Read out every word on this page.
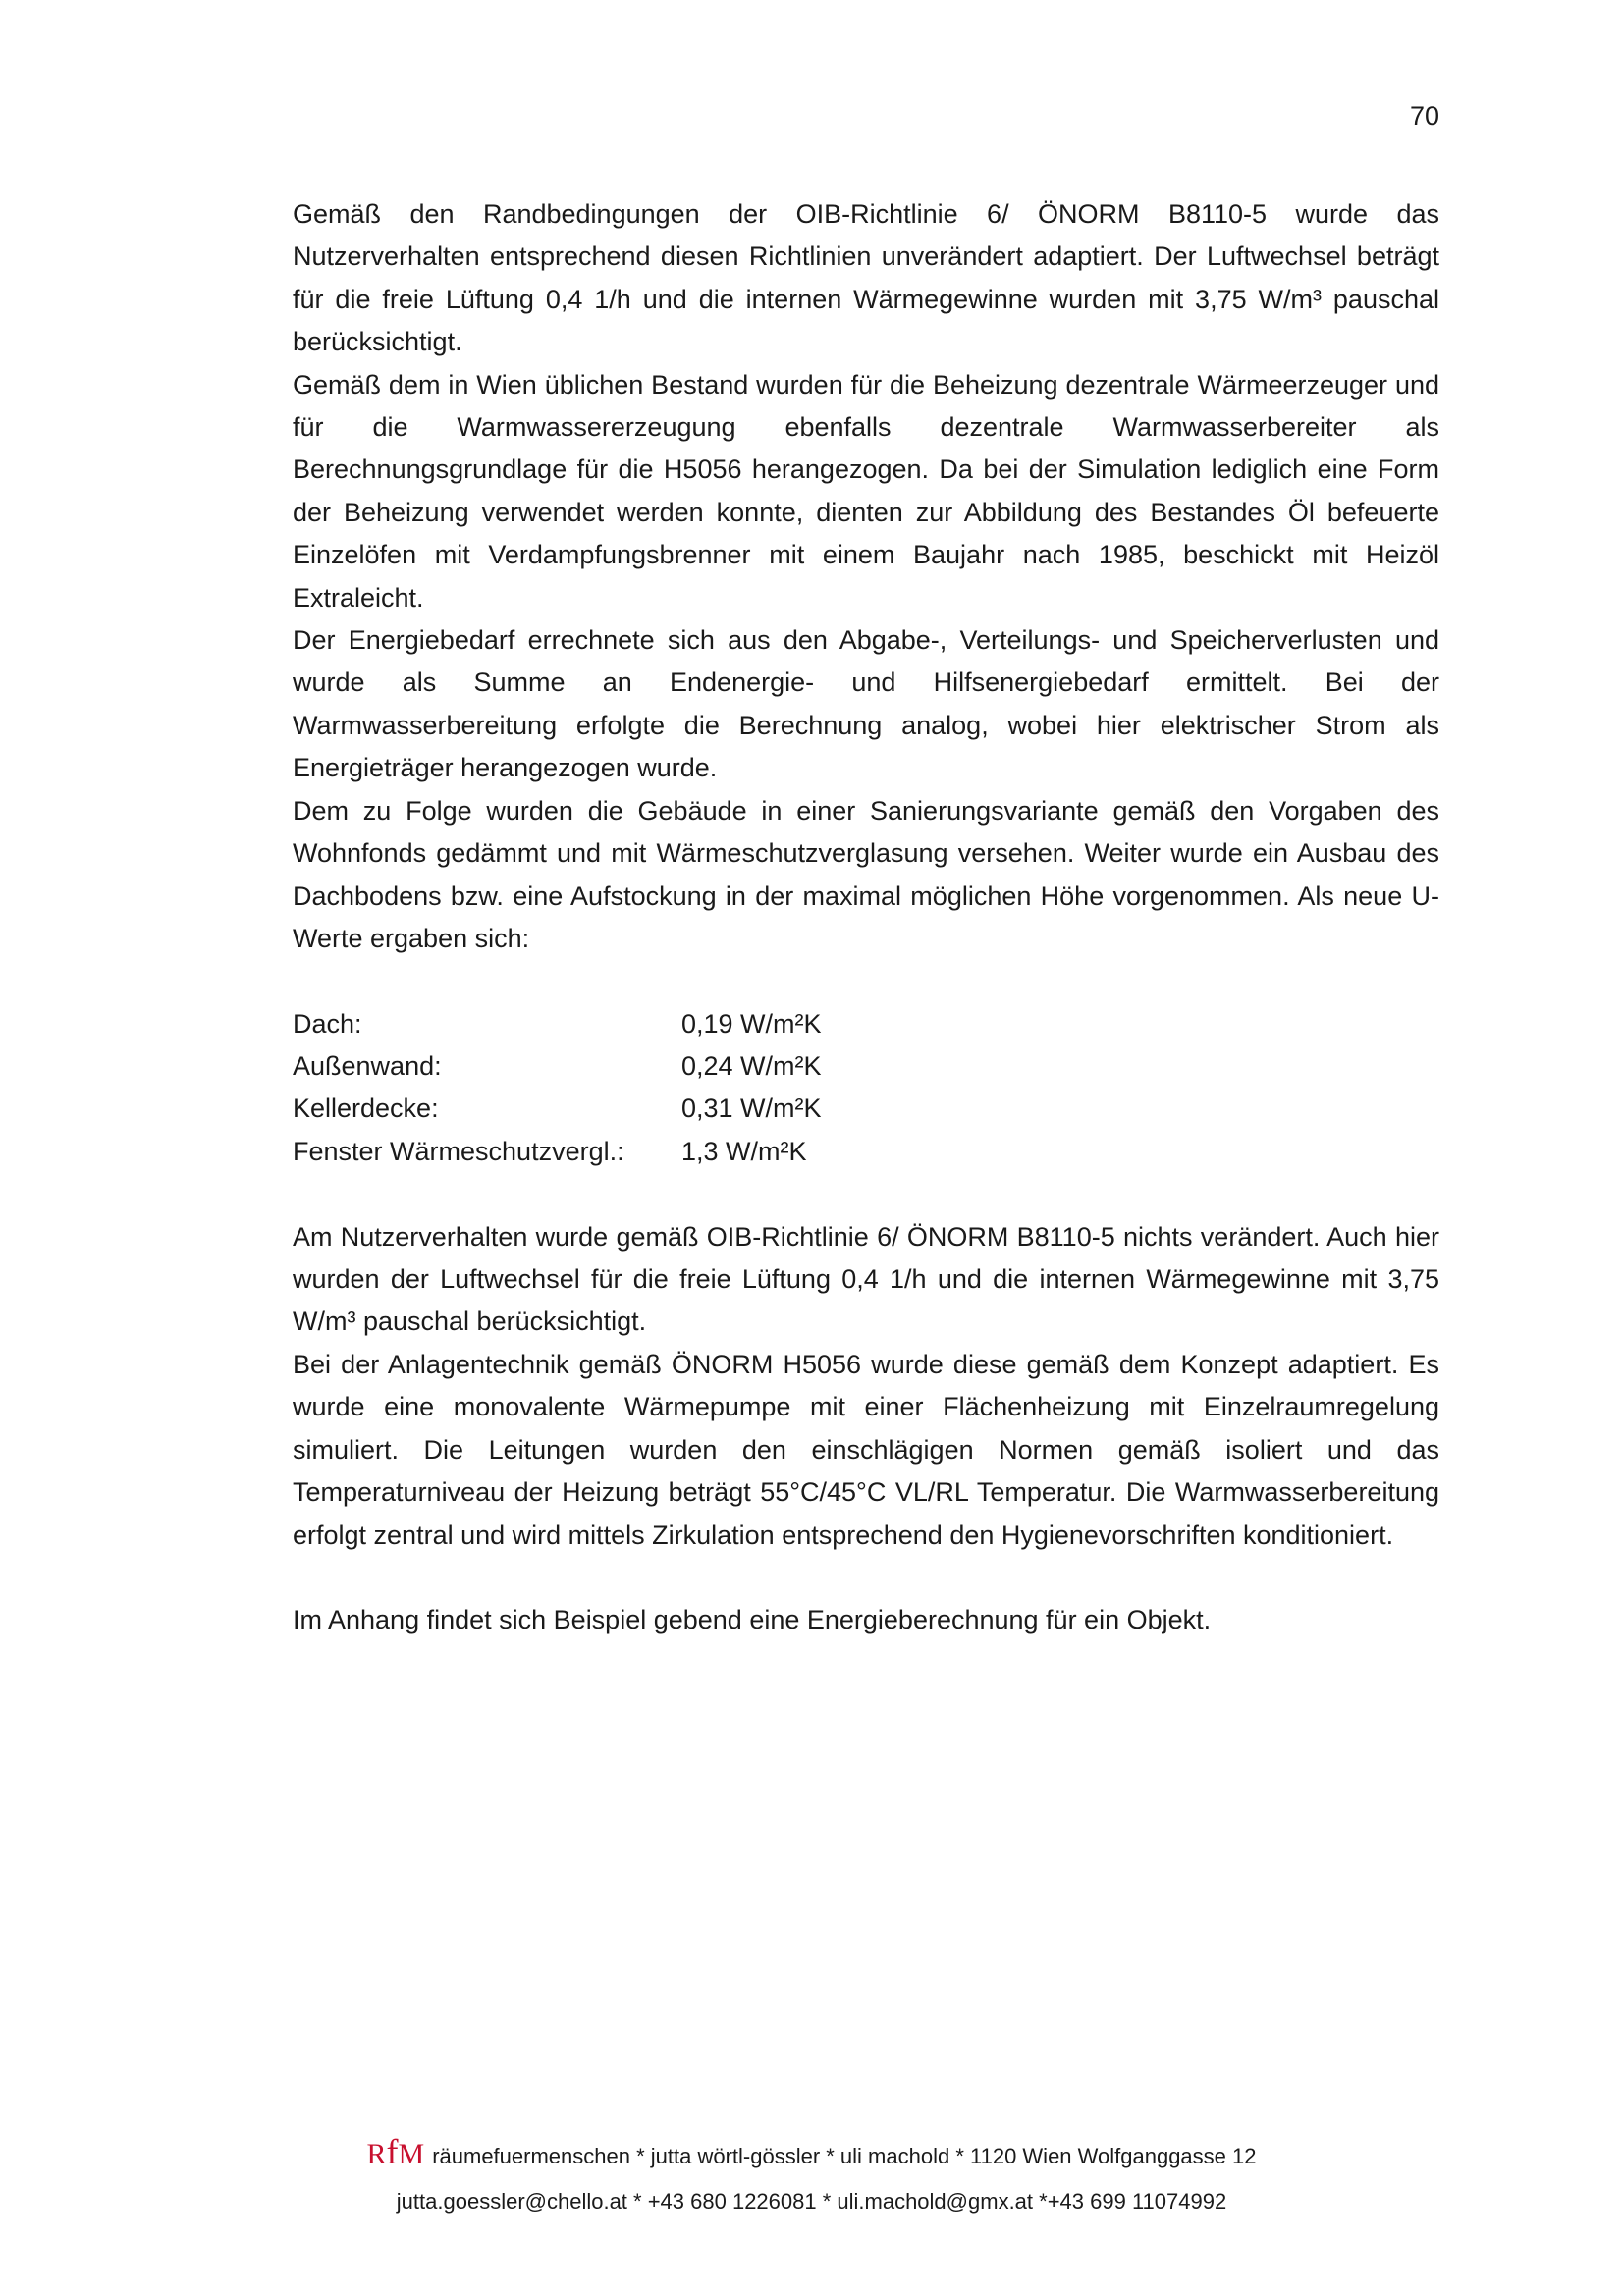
70

Gemäß den Randbedingungen der OIB-Richtlinie 6/ ÖNORM B8110-5 wurde das Nutzerverhalten entsprechend diesen Richtlinien unverändert adaptiert. Der Luftwechsel beträgt für die freie Lüftung 0,4 1/h und die internen Wärmegewinne wurden mit 3,75 W/m³ pauschal berücksichtigt.

Gemäß dem in Wien üblichen Bestand wurden für die Beheizung dezentrale Wärmeerzeuger und für die Warmwassererzeugung ebenfalls dezentrale Warmwasserbereiter als Berechnungsgrundlage für die H5056 herangezogen. Da bei der Simulation lediglich eine Form der Beheizung verwendet werden konnte, dienten zur Abbildung des Bestandes Öl befeuerte Einzelöfen mit Verdampfungsbrenner mit einem Baujahr nach 1985, beschickt mit Heizöl Extraleicht.

Der Energiebedarf errechnete sich aus den Abgabe-, Verteilungs- und Speicherverlusten und wurde als Summe an Endenergie- und Hilfsenergiebedarf ermittelt. Bei der Warmwasserbereitung erfolgte die Berechnung analog, wobei hier elektrischer Strom als Energieträger herangezogen wurde.

Dem zu Folge wurden die Gebäude in einer Sanierungsvariante gemäß den Vorgaben des Wohnfonds gedämmt und mit Wärmeschutzverglasung versehen. Weiter wurde ein Ausbau des Dachbodens bzw. eine Aufstockung in der maximal möglichen Höhe vorgenommen. Als neue U-Werte ergaben sich:

Dach:	0,19 W/m²K
Außenwand:	0,24 W/m²K
Kellerdecke:	0,31 W/m²K
Fenster Wärmeschutzvergl.:	1,3 W/m²K

Am Nutzerverhalten wurde gemäß OIB-Richtlinie 6/ ÖNORM B8110-5 nichts verändert. Auch hier wurden der Luftwechsel für die freie Lüftung 0,4 1/h und die internen Wärmegewinne mit 3,75 W/m³ pauschal berücksichtigt.

Bei der Anlagentechnik gemäß ÖNORM H5056 wurde diese gemäß dem Konzept adaptiert. Es wurde eine monovalente Wärmepumpe mit einer Flächenheizung mit Einzelraumregelung simuliert. Die Leitungen wurden den einschlägigen Normen gemäß isoliert und das Temperaturniveau der Heizung beträgt 55°C/45°C VL/RL Temperatur. Die Warmwasserbereitung erfolgt zentral und wird mittels Zirkulation entsprechend den Hygienevorschriften konditioniert.

Im Anhang findet sich Beispiel gebend eine Energieberechnung für ein Objekt.

RfM räumefuermenschen * jutta wörtl-gössler * uli machold * 1120 Wien Wolfganggasse 12
jutta.goessler@chello.at * +43 680 1226081 * uli.machold@gmx.at *+43 699 11074992
